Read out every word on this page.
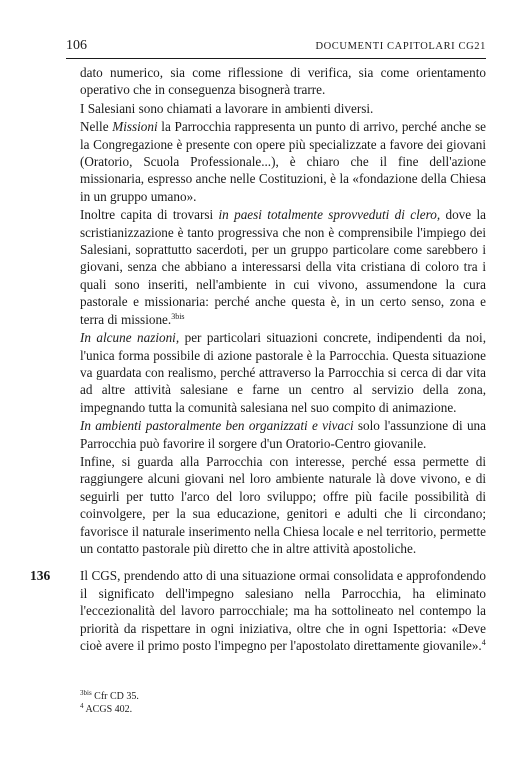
106	DOCUMENTI CAPITOLARI CG21

dato numerico, sia come riflessione di verifica, sia come orientamento operativo che in conseguenza bisognerà trarre.

I Salesiani sono chiamati a lavorare in ambienti diversi.

Nelle Missioni la Parrocchia rappresenta un punto di arrivo, perché anche se la Congregazione è presente con opere più specializzate a favore dei giovani (Oratorio, Scuola Professionale...), è chiaro che il fine dell'azione missionaria, espresso anche nelle Costituzioni, è la «fondazione della Chiesa in un gruppo umano».

Inoltre capita di trovarsi in paesi totalmente sprovveduti di clero, dove la scristianizzazione è tanto progressiva che non è comprensibile l'impiego dei Salesiani, soprattutto sacerdoti, per un gruppo particolare come sarebbero i giovani, senza che abbiano a interessarsi della vita cristiana di coloro tra i quali sono inseriti, nell'ambiente in cui vivono, assumendone la cura pastorale e missionaria: perché anche questa è, in un certo senso, zona e terra di missione.$^{3bis}$

In alcune nazioni, per particolari situazioni concrete, indipendenti da noi, l'unica forma possibile di azione pastorale è la Parrocchia. Questa situazione va guardata con realismo, perché attraverso la Parrocchia si cerca di dar vita ad altre attività salesiane e farne un centro al servizio della zona, impegnando tutta la comunità salesiana nel suo compito di animazione.

In ambienti pastoralmente ben organizzati e vivaci solo l'assunzione di una Parrocchia può favorire il sorgere d'un Oratorio-Centro giovanile.

Infine, si guarda alla Parrocchia con interesse, perché essa permette di raggiungere alcuni giovani nel loro ambiente naturale là dove vivono, e di seguirli per tutto l'arco del loro sviluppo; offre più facile possibilità di coinvolgere, per la sua educazione, genitori e adulti che li circondano; favorisce il naturale inserimento nella Chiesa locale e nel territorio, permette un contatto pastorale più diretto che in altre attività apostoliche.

136 Il CGS, prendendo atto di una situazione ormai consolidata e approfondendo il significato dell'impegno salesiano nella Parrocchia, ha eliminato l'eccezionalità del lavoro parrocchiale; ma ha sottolineato nel contempo la priorità da rispettare in ogni iniziativa, oltre che in ogni Ispettoria: «Deve cioè avere il primo posto l'impegno per l'apostolato direttamente giovanile».$^4$

$^{3bis}$ Cfr CD 35.
$^4$ ACGS 402.
